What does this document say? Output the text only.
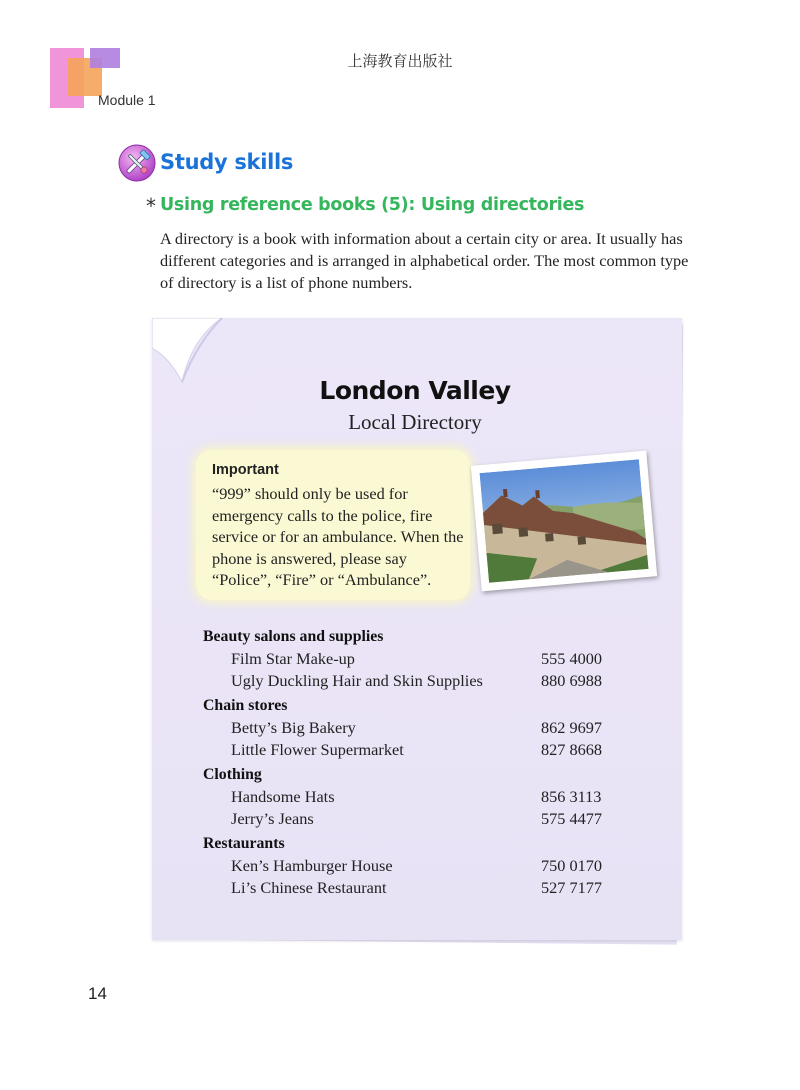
上海教育出版社
Module 1
Study skills
* Using reference books (5): Using directories
A directory is a book with information about a certain city or area. It usually has different categories and is arranged in alphabetical order. The most common type of directory is a list of phone numbers.
London Valley
Local Directory
Important
“999” should only be used for emergency calls to the police, fire service or for an ambulance. When the phone is answered, please say “Police”, “Fire” or “Ambulance”.
Beauty salons and supplies
Film Star Make-up	555 4000
Ugly Duckling Hair and Skin Supplies	880 6988
Chain stores
Betty’s Big Bakery	862 9697
Little Flower Supermarket	827 8668
Clothing
Handsome Hats	856 3113
Jerry’s Jeans	575 4477
Restaurants
Ken’s Hamburger House	750 0170
Li’s Chinese Restaurant	527 7177
14
